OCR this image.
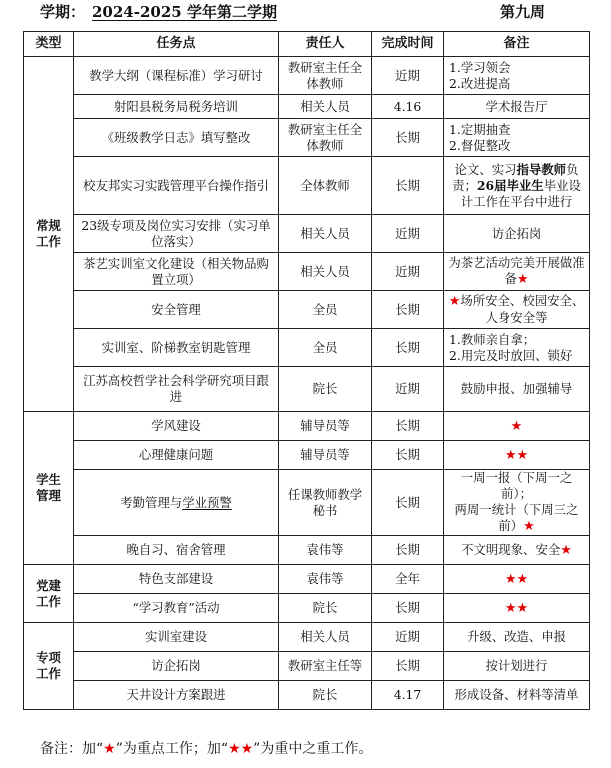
学期： 2024-2025 学年第二学期	第九周
类型	任务点	责任人	完成时间	备注
常规工作	教学大纲（课程标准）学习研讨	教研室主任全体教师	近期	1.学习领会
2.改进提高

	射阳县税务局税务培训	相关人员	4.16	学术报告厅
	《班级教学日志》填写整改	教研室主任全体教师	长期	1.定期抽查
2.督促整改

	校友邦实习实践管理平台操作指引	全体教师	长期	论文、实习指导教师负责；26届毕业生毕业设计工作在平台中进行
	23级专项及岗位实习安排（实习单位落实）	相关人员	近期	访企拓岗
	茶艺实训室文化建设（相关物品购置立项）	相关人员	近期	为茶艺活动完美开展做准备★
	安全管理	全员	长期	★场所安全、校园安全、人身安全等
	实训室、阶梯教室钥匙管理	全员	长期	1.教师亲自拿；
2.用完及时放回、锁好

	江苏高校哲学社会科学研究项目跟进	院长	近期	鼓励申报、加强辅导
学生管理	学风建设	辅导员等	长期	★
	心理健康问题	辅导员等	长期	★★
	考勤管理与学业预警	任课教师教学秘书	长期	一周一报（下周一之前）；
两周一统计（下周三之前）★

	晚自习、宿舍管理	袁伟等	长期	不文明现象、安全★
党建工作	特色支部建设	袁伟等	全年	★★
	“学习教育”活动	院长	长期	★★
专项工作	实训室建设	相关人员	近期	升级、改造、申报
	访企拓岗	教研室主任等	长期	按计划进行
	天井设计方案跟进	院长	4.17	形成设备、材料等清单
备注：加“★”为重点工作；加“★★”为重中之重工作。
